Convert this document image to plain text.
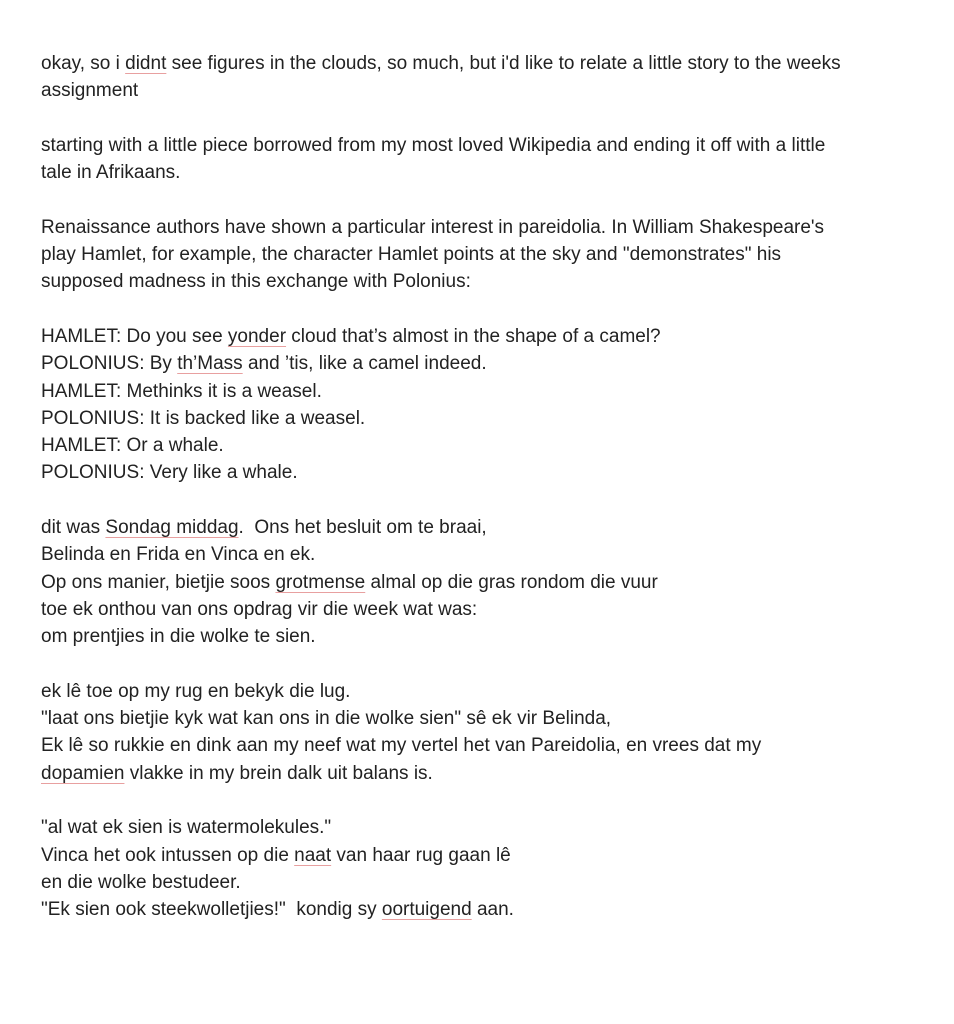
okay, so i didnt see figures in the clouds, so much, but i'd like to relate a little story to the weeks
assignment
starting with a little piece borrowed from my most loved Wikipedia and ending it off with a little
tale in Afrikaans.
Renaissance authors have shown a particular interest in pareidolia. In William Shakespeare's
play Hamlet, for example, the character Hamlet points at the sky and "demonstrates" his
supposed madness in this exchange with Polonius:
HAMLET: Do you see yonder cloud that’s almost in the shape of a camel?
POLONIUS: By th’Mass and ’tis, like a camel indeed.
HAMLET: Methinks it is a weasel.
POLONIUS: It is backed like a weasel.
HAMLET: Or a whale.
POLONIUS: Very like a whale.
dit was Sondag middag.  Ons het besluit om te braai,
Belinda en Frida en Vinca en ek.
Op ons manier, bietjie soos grotmense almal op die gras rondom die vuur
toe ek onthou van ons opdrag vir die week wat was:
om prentjies in die wolke te sien.
ek lê toe op my rug en bekyk die lug.
"laat ons bietjie kyk wat kan ons in die wolke sien" sê ek vir Belinda,
Ek lê so rukkie en dink aan my neef wat my vertel het van Pareidolia, en vrees dat my
dopamien vlakke in my brein dalk uit balans is.
"al wat ek sien is watermolekules."
Vinca het ook intussen op die naat van haar rug gaan lê
en die wolke bestudeer.
"Ek sien ook steekwolletjies!"  kondig sy oortuigend aan.
